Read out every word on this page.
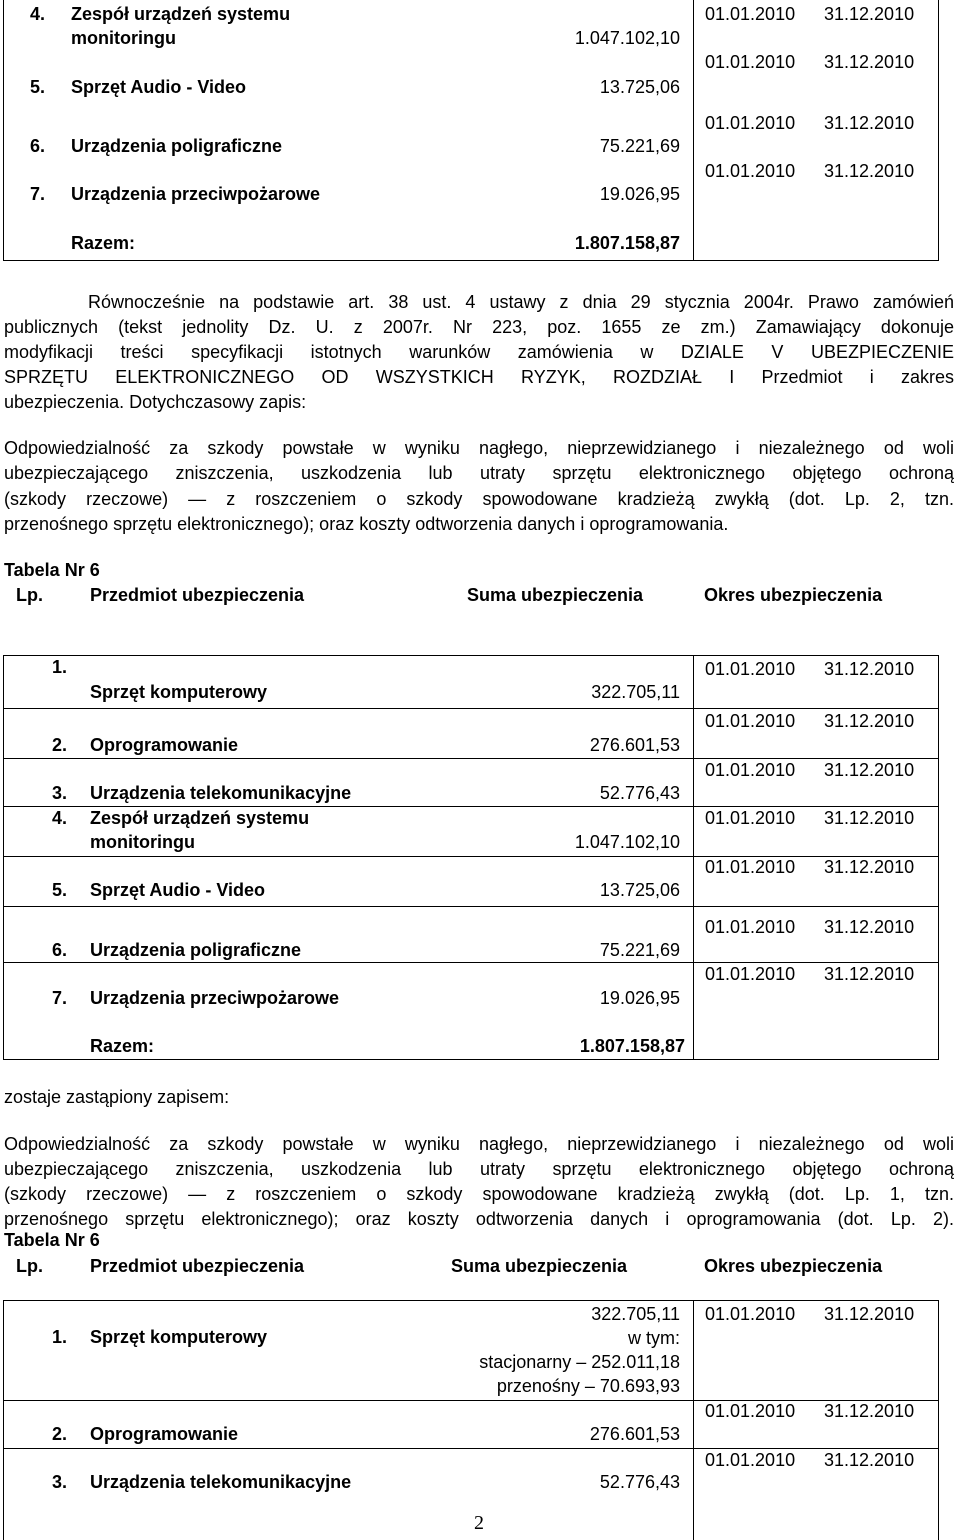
4. Zespół urządzeń systemu
monitoringu	1.047.102,10
01.01.2010 31.12.2010
5. Sprzęt Audio - Video	13.725,06
01.01.2010 31.12.2010
6. Urządzenia poligraficzne	75.221,69
01.01.2010 31.12.2010
7. Urządzenia przeciwpożarowe	19.026,95
01.01.2010 31.12.2010
Razem:	1.807.158,87
Równocześnie na podstawie art. 38 ust. 4 ustawy z dnia 29 stycznia 2004r. Prawo zamówień
publicznych (tekst jednolity Dz. U. z 2007r. Nr 223, poz. 1655 ze zm.) Zamawiający dokonuje
modyfikacji treści specyfikacji istotnych warunków zamówienia w DZIALE V UBEZPIECZENIE
SPRZĘTU ELEKTRONICZNEGO OD WSZYSTKICH RYZYK, ROZDZIAŁ I Przedmiot i zakres
ubezpieczenia. Dotychczasowy zapis:
Odpowiedzialność za szkody powstałe w wyniku nagłego, nieprzewidzianego i niezależnego od woli
ubezpieczającego zniszczenia, uszkodzenia lub utraty sprzętu elektronicznego objętego ochroną
(szkody rzeczowe) — z roszczeniem o szkody spowodowane kradzieżą zwykłą (dot. Lp. 2, tzn.
przenośnego sprzętu elektronicznego); oraz koszty odtworzenia danych i oprogramowania.
Tabela Nr 6
Lp.	Przedmiot ubezpieczenia	Suma ubezpieczenia	Okres ubezpieczenia
1.
Sprzęt komputerowy	322.705,11
01.01.2010 31.12.2010
2. Oprogramowanie	276.601,53
01.01.2010 31.12.2010
3. Urządzenia telekomunikacyjne	52.776,43
01.01.2010 31.12.2010
4. Zespół urządzeń systemu
monitoringu	1.047.102,10
01.01.2010 31.12.2010
5. Sprzęt Audio - Video	13.725,06
01.01.2010 31.12.2010
6. Urządzenia poligraficzne	75.221,69
01.01.2010 31.12.2010
7. Urządzenia przeciwpożarowe	19.026,95
01.01.2010 31.12.2010
Razem:	1.807.158,87
zostaje zastąpiony zapisem:
Odpowiedzialność za szkody powstałe w wyniku nagłego, nieprzewidzianego i niezależnego od woli
ubezpieczającego zniszczenia, uszkodzenia lub utraty sprzętu elektronicznego objętego ochroną
(szkody rzeczowe) — z roszczeniem o szkody spowodowane kradzieżą zwykłą (dot. Lp. 1, tzn.
przenośnego sprzętu elektronicznego); oraz koszty odtworzenia danych i oprogramowania (dot. Lp. 2).
Tabela Nr 6
Lp.	Przedmiot ubezpieczenia	Suma ubezpieczenia	Okres ubezpieczenia
1. Sprzęt komputerowy
322.705,11
w tym:
stacjonarny – 252.011,18
przenośny – 70.693,93
01.01.2010 31.12.2010
2. Oprogramowanie	276.601,53
01.01.2010 31.12.2010
3. Urządzenia telekomunikacyjne	52.776,43
01.01.2010 31.12.2010
2
